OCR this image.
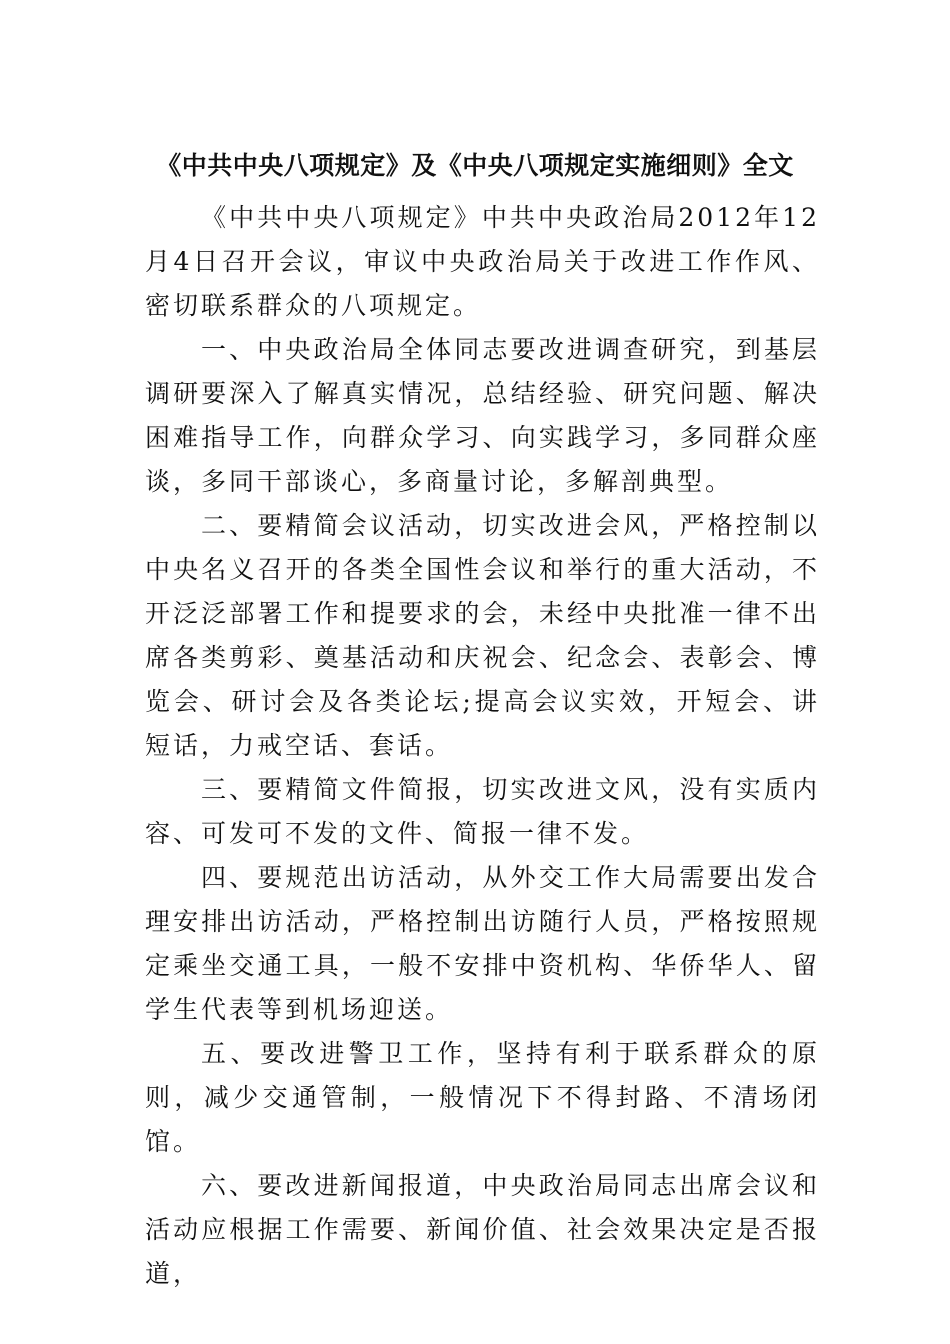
《中共中央八项规定》及《中央八项规定实施细则》全文

《中共中央八项规定》中共中央政治局2012年12月4日召开会议，审议中央政治局关于改进工作作风、密切联系群众的八项规定。

一、中央政治局全体同志要改进调查研究，到基层调研要深入了解真实情况，总结经验、研究问题、解决困难指导工作，向群众学习、向实践学习，多同群众座谈，多同干部谈心，多商量讨论，多解剖典型。

二、要精简会议活动，切实改进会风，严格控制以中央名义召开的各类全国性会议和举行的重大活动，不开泛泛部署工作和提要求的会，未经中央批准一律不出席各类剪彩、奠基活动和庆祝会、纪念会、表彰会、博览会、研讨会及各类论坛;提高会议实效，开短会、讲短话，力戒空话、套话。

三、要精简文件简报，切实改进文风，没有实质内容、可发可不发的文件、简报一律不发。

四、要规范出访活动，从外交工作大局需要出发合理安排出访活动，严格控制出访随行人员，严格按照规定乘坐交通工具，一般不安排中资机构、华侨华人、留学生代表等到机场迎送。

五、要改进警卫工作，坚持有利于联系群众的原则，减少交通管制，一般情况下不得封路、不清场闭馆。

六、要改进新闻报道，中央政治局同志出席会议和活动应根据工作需要、新闻价值、社会效果决定是否报道，
